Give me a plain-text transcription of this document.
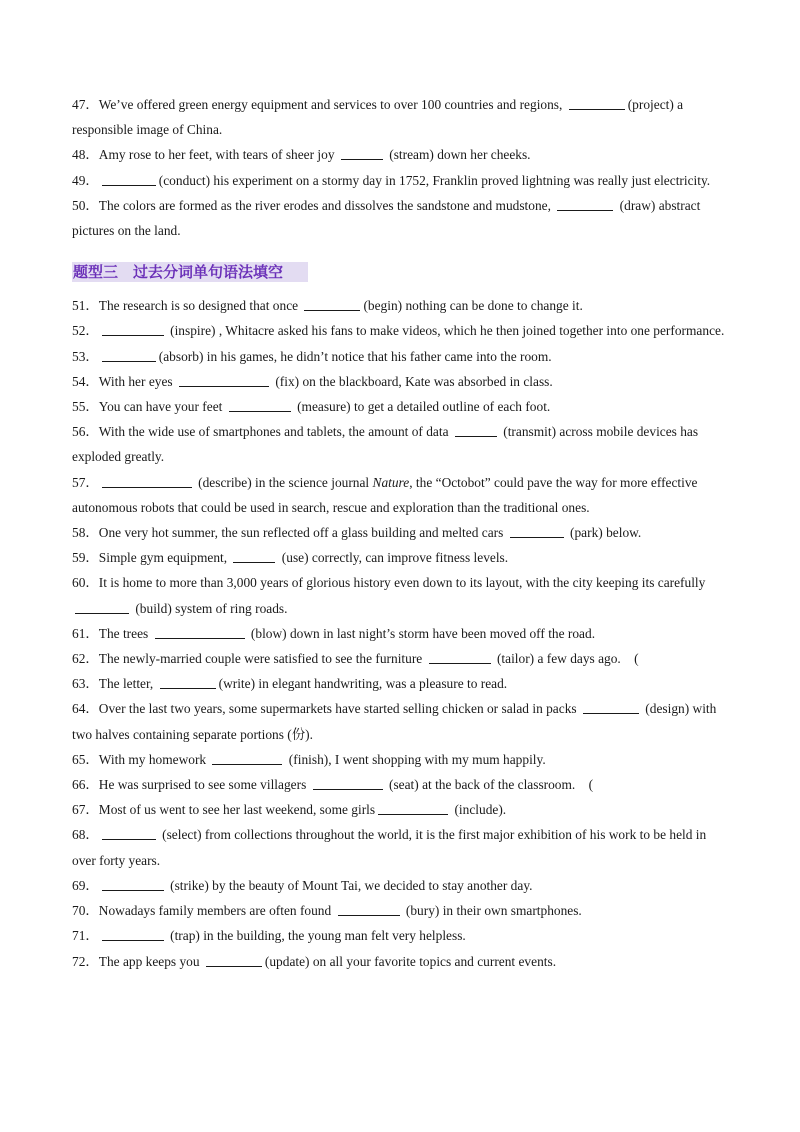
47．We’ve offered green energy equipment and services to over 100 countries and regions,	(project) a responsible image of China.

48．Amy rose to her feet, with tears of sheer joy	(stream) down her cheeks.

49．	(conduct) his experiment on a stormy day in 1752, Franklin proved lightning was really just electricity.

50．The colors are formed as the river erodes and dissolves the sandstone and mudstone,	(draw) abstract pictures on the land.

题型三　过去分词单句语法填空

51．The research is so designed that once	(begin) nothing can be done to change it.

52．	(inspire) , Whitacre asked his fans to make videos, which he then joined together into one performance.

53．	(absorb) in his games, he didn’t notice that his father came into the room.

54．With her eyes	(fix) on the blackboard, Kate was absorbed in class.

55．You can have your feet	(measure) to get a detailed outline of each foot.

56．With the wide use of smartphones and tablets, the amount of data	(transmit) across mobile devices has exploded greatly.

57．	(describe) in the science journal Nature, the “Octobot” could pave the way for more effective autonomous robots that could be used in search, rescue and exploration than the traditional ones.

58．One very hot summer, the sun reflected off a glass building and melted cars	(park) below.

59．Simple gym equipment,	(use) correctly, can improve fitness levels.

60．It is home to more than 3,000 years of glorious history even down to its layout, with the city keeping its carefully  (build) system of ring roads.

61．The trees	(blow) down in last night’s storm have been moved off the road.

62．The newly-married couple were satisfied to see the furniture	(tailor) a few days ago.　(

63．The letter,	(write) in elegant handwriting, was a pleasure to read.

64．Over the last two years, some supermarkets have started selling chicken or salad in packs	(design) with two halves containing separate portions (份).

65．With my homework	(finish), I went shopping with my mum happily.

66．He was surprised to see some villagers	(seat) at the back of the classroom.　(

67．Most of us went to see her last weekend, some girls	(include).

68．	(select) from collections throughout the world, it is the first major exhibition of his work to be held in over forty years.

69．	(strike) by the beauty of Mount Tai, we decided to stay another day.

70．Nowadays family members are often found	(bury) in their own smartphones.

71．	(trap) in the building, the young man felt very helpless.

72．The app keeps you	(update) on all your favorite topics and current events.
